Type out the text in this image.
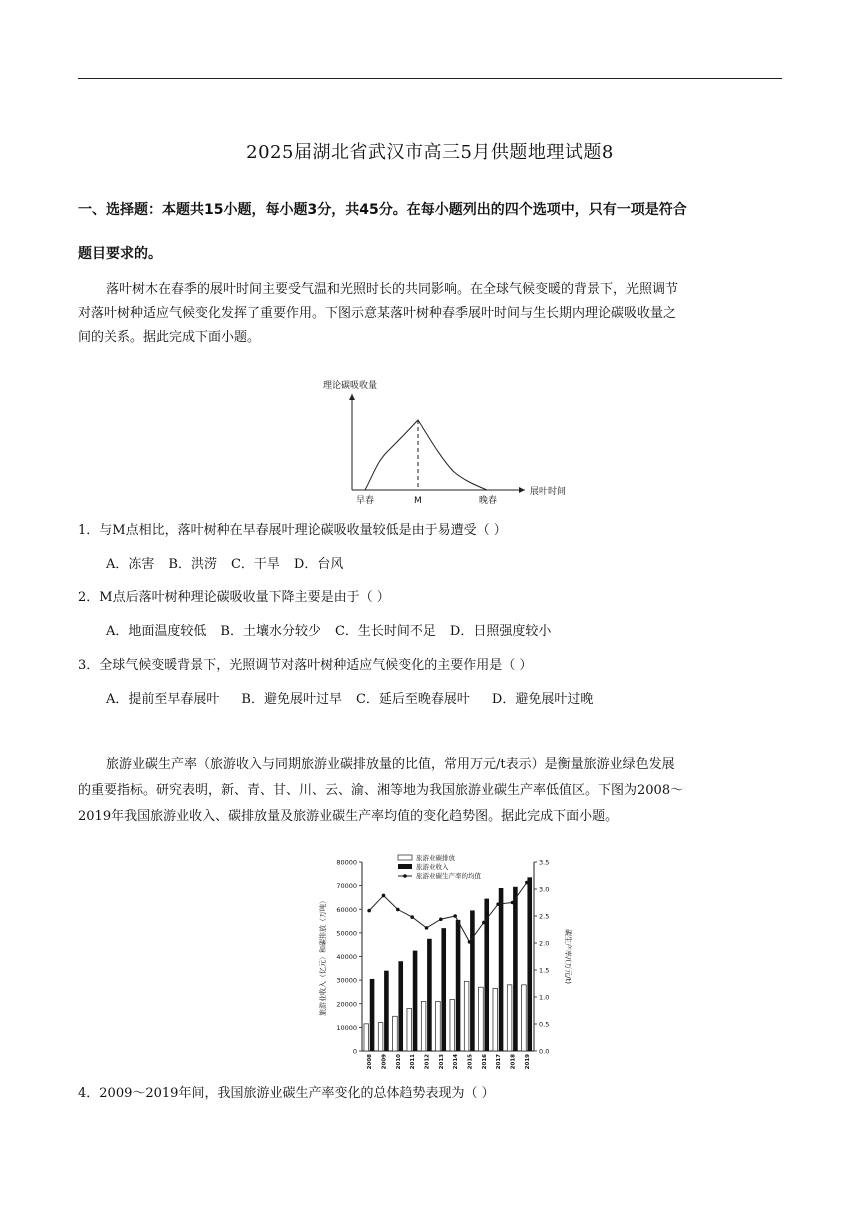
2025届湖北省武汉市高三5月供题地理试题8
一、选择题：本题共15小题，每小题3分，共45分。在每小题列出的四个选项中，只有一项是符合
题目要求的。
落叶树木在春季的展叶时间主要受气温和光照时长的共同影响。在全球气候变暖的背景下，光照调节
对落叶树种适应气候变化发挥了重要作用。下图示意某落叶树种春季展叶时间与生长期内理论碳吸收量之
间的关系。据此完成下面小题。
理论碳吸收量
展叶时间
早春	M	晚春
1．与M点相比，落叶树种在早春展叶理论碳吸收量较低是由于易遭受（ ）
A．冻害 B．洪涝 C．干旱 D．台风
2．M点后落叶树种理论碳吸收量下降主要是由于（ ）
A．地面温度较低 B．土壤水分较少 C．生长时间不足 D．日照强度较小
3．全球气候变暖背景下，光照调节对落叶树种适应气候变化的主要作用是（ ）
A．提前至早春展叶 B．避免展叶过早 C．延后至晚春展叶 D．避免展叶过晚
旅游业碳生产率（旅游收入与同期旅游业碳排放量的比值，常用万元/t表示）是衡量旅游业绿色发展
的重要指标。研究表明，新、青、甘、川、云、渝、湘等地为我国旅游业碳生产率低值区。下图为2008～
2019年我国旅游业收入、碳排放量及旅游业碳生产率均值的变化趋势图。据此完成下面小题。
0
10000
20000
30000
40000
50000
60000
70000
80000
0.0
0.5
1.0
1.5
2.0
2.5
3.0
3.5
旅游业收入（亿元）和碳排放（万吨）	碳生产率/(万元/t)
2008 2009 2010 2011 2012 2013 2014 2015 2016 2017 2018 2019
旅游业碳排放
旅游业收入
旅游业碳生产率的均值
4．2009～2019年间，我国旅游业碳生产率变化的总体趋势表现为（ ）
